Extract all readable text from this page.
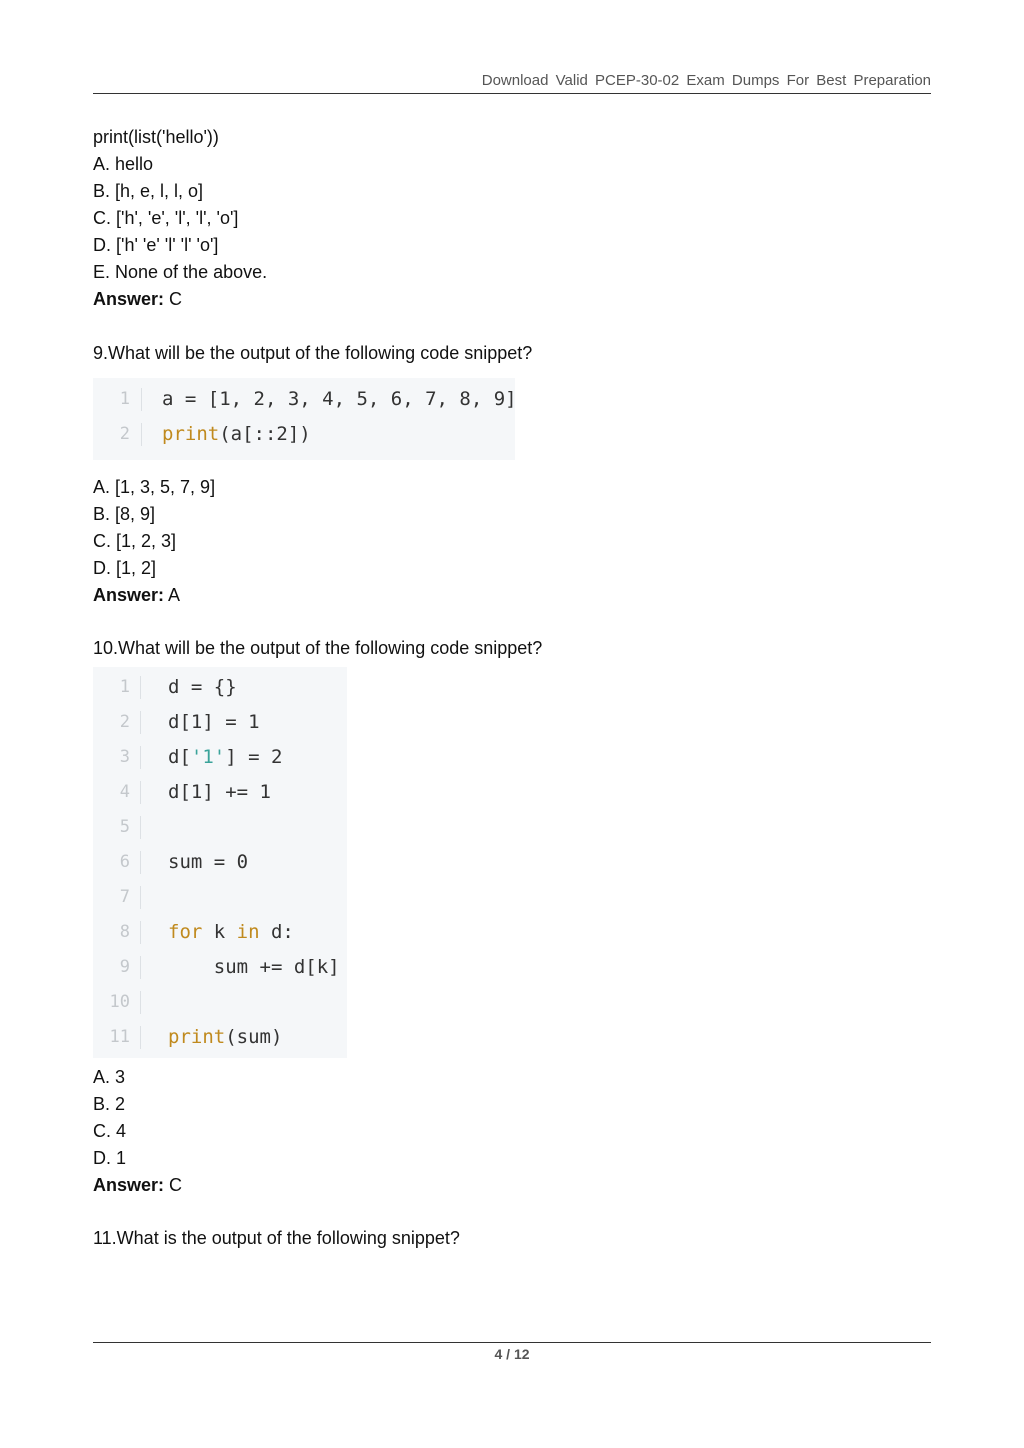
Download Valid PCEP-30-02 Exam Dumps For Best Preparation
print(list('hello'))
A. hello
B. [h, e, l, l, o]
C. ['h', 'e', 'l', 'l', 'o']
D. ['h' 'e' 'l' 'l' 'o']
E. None of the above.
Answer: C
9.What will be the output of the following code snippet?
1 a = [1, 2, 3, 4, 5, 6, 7, 8, 9]
2 print(a[::2])
A. [1, 3, 5, 7, 9]
B. [8, 9]
C. [1, 2, 3]
D. [1, 2]
Answer: A
10.What will be the output of the following code snippet?
1 d = {}
2 d[1] = 1
3 d['1'] = 2
4 d[1] += 1
5
6 sum = 0
7
8 for k in d:
9 sum += d[k]
10
11 print(sum)
A. 3
B. 2
C. 4
D. 1
Answer: C
11.What is the output of the following snippet?
4 / 12
